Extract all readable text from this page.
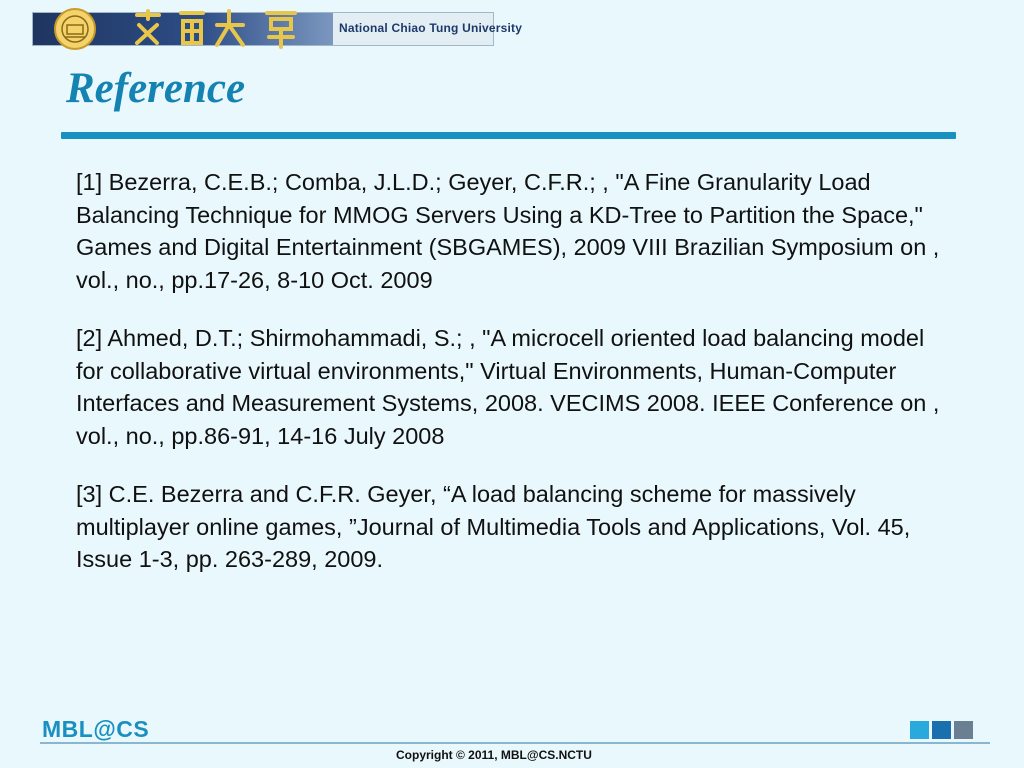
National Chiao Tung University
Reference
[1] Bezerra, C.E.B.; Comba, J.L.D.; Geyer, C.F.R.; , "A Fine Granularity Load Balancing Technique for MMOG Servers Using a KD-Tree to Partition the Space," Games and Digital Entertainment (SBGAMES), 2009 VIII Brazilian Symposium on , vol., no., pp.17-26, 8-10 Oct. 2009
[2] Ahmed, D.T.; Shirmohammadi, S.; , "A microcell oriented load balancing model for collaborative virtual environments," Virtual Environments, Human-Computer Interfaces and Measurement Systems, 2008. VECIMS 2008. IEEE Conference on , vol., no., pp.86-91, 14-16 July 2008
[3] C.E. Bezerra and C.F.R. Geyer, “A load balancing scheme for massively multiplayer online games, ”Journal of Multimedia Tools and Applications, Vol. 45, Issue 1-3, pp. 263-289, 2009.
MBL@CS
Copyright © 2011, MBL@CS.NCTU
